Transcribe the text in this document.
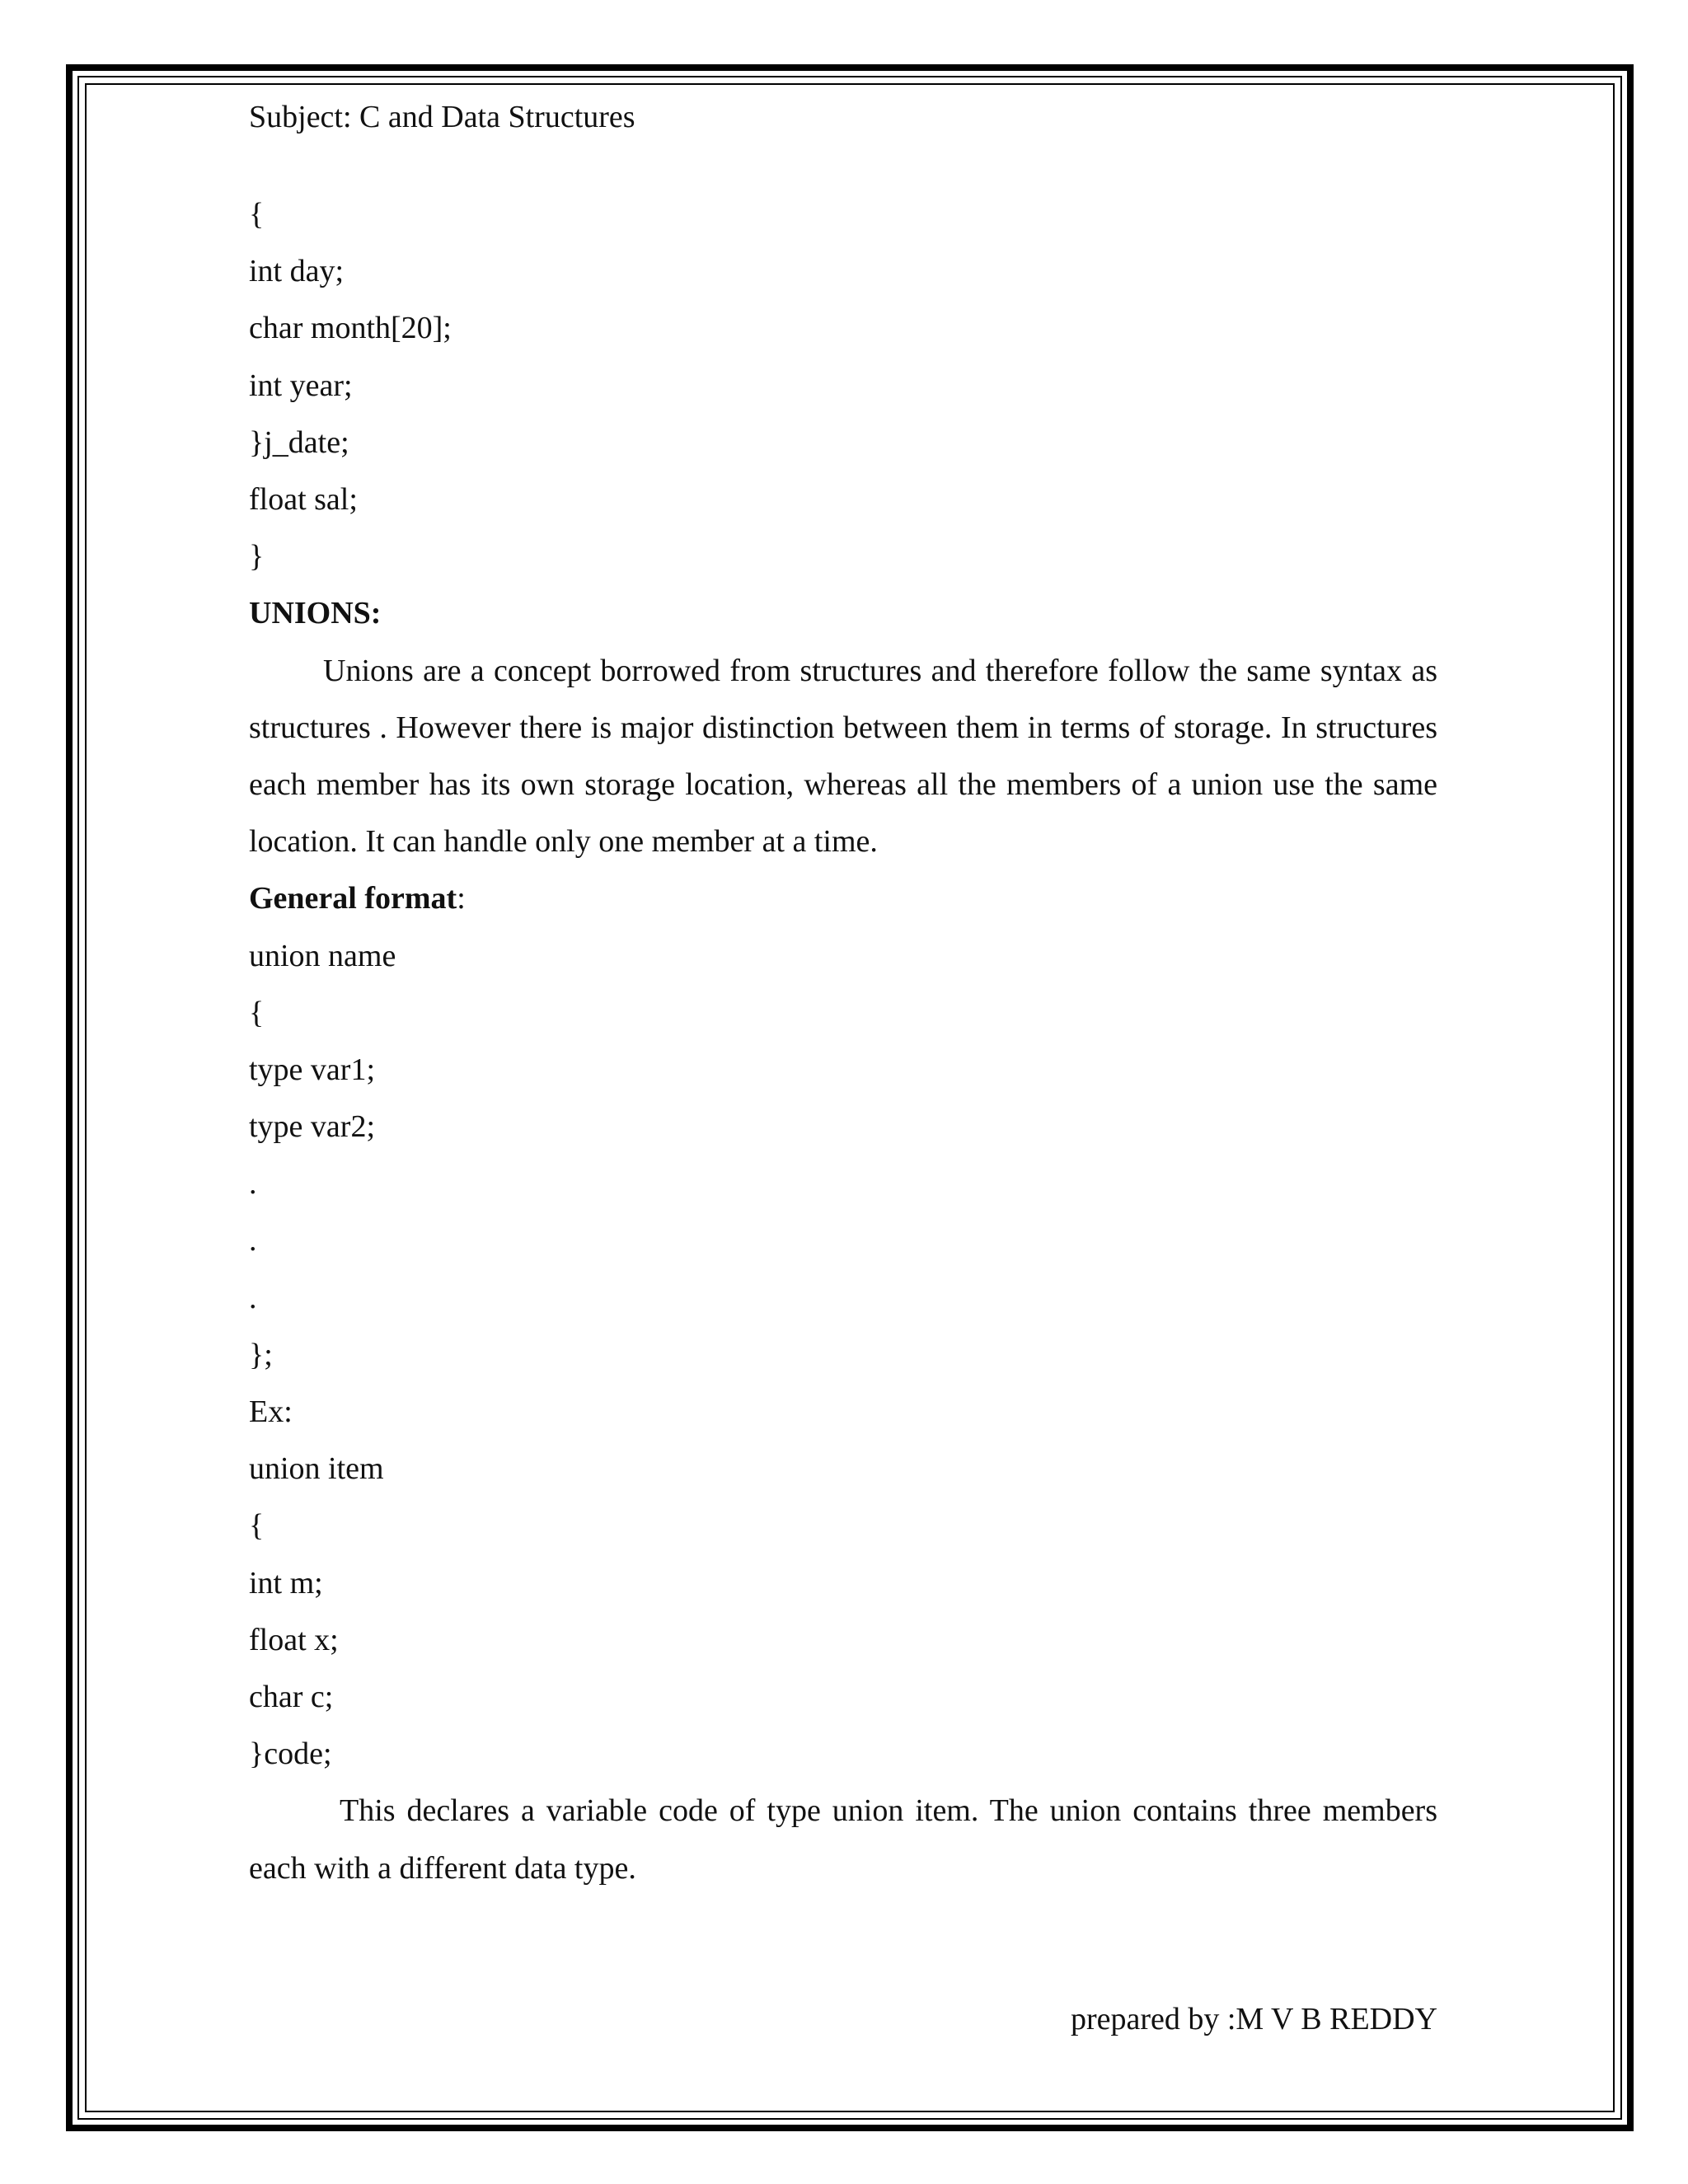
Subject: C and Data Structures
{
int day;
char month[20];
int year;
}j_date;
float sal;
}
UNIONS:

Unions are a concept borrowed from structures and therefore follow the same syntax as structures . However there is major distinction between them in terms of storage. In structures each member has its own storage location, whereas all the members of a union use the same location. It can handle only one member at a time.

General format:
union name
{
type var1;
type var2;
.
.
.
};
Ex:
union item
{
int m;
float x;
char c;
}code;

This declares a variable code of type union item. The union contains three members each with a different data type.

prepared by :M V B REDDY
